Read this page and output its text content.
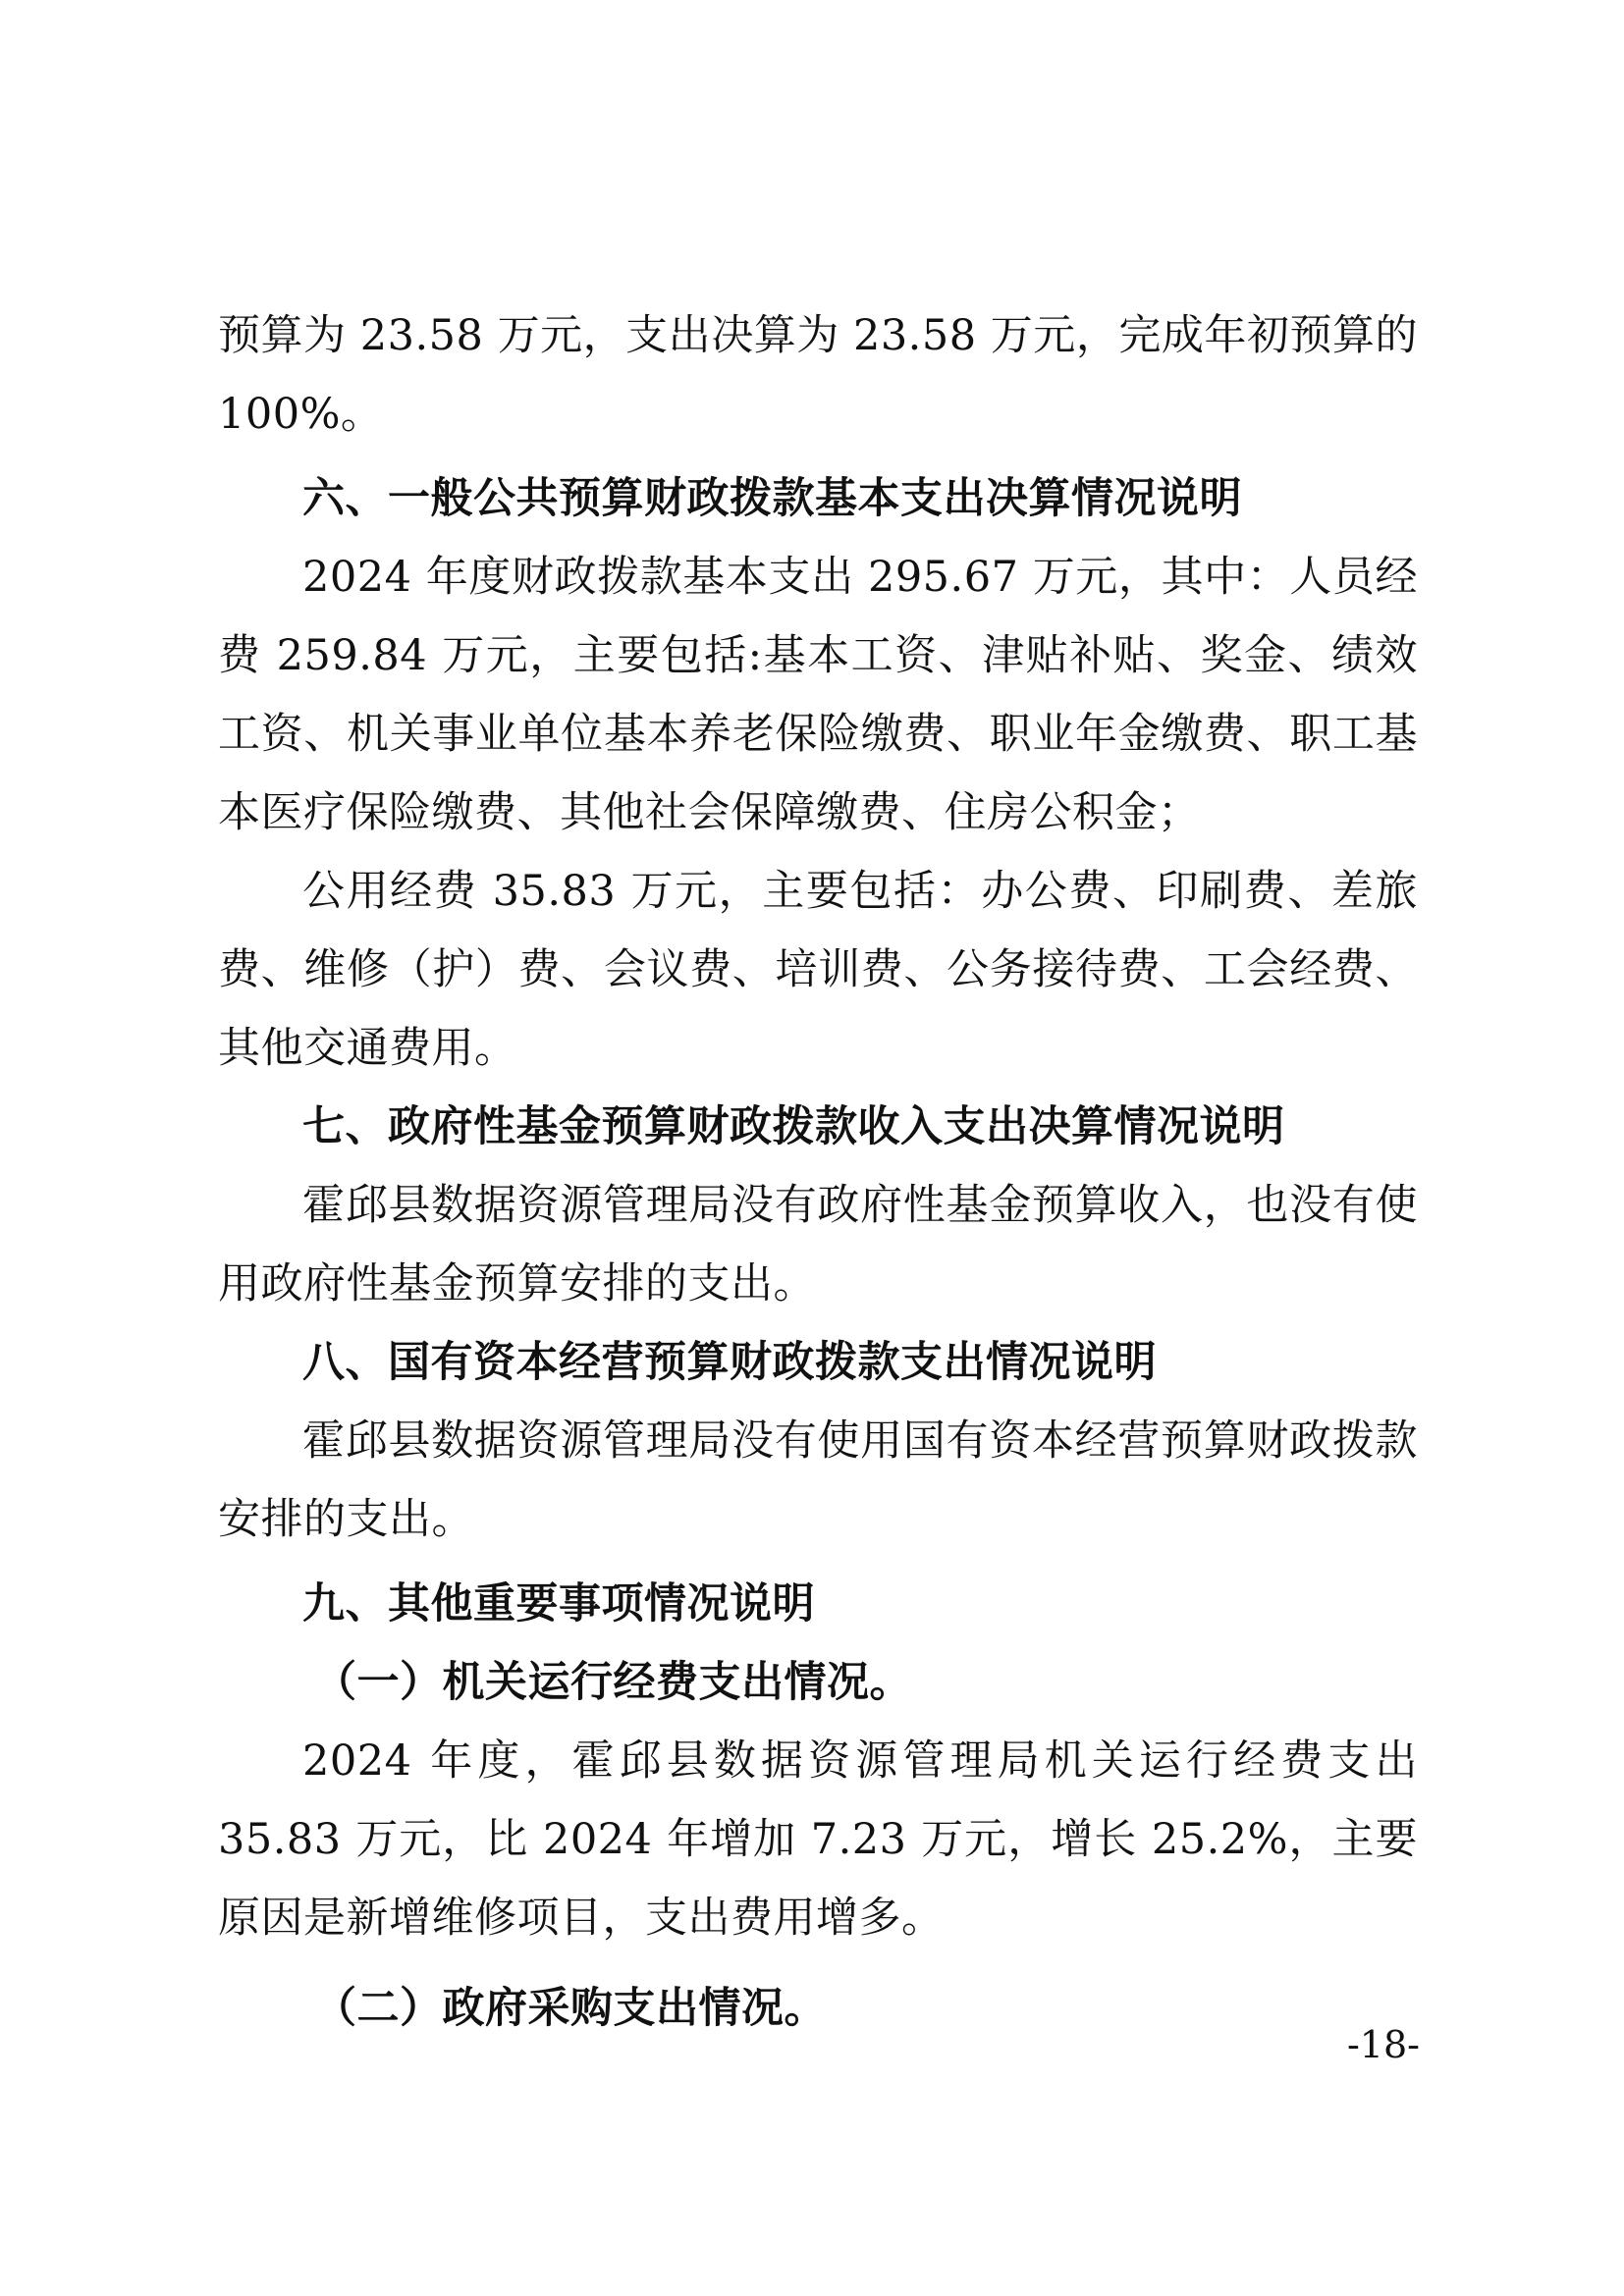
预算为 23.58 万元，支出决算为 23.58 万元，完成年初预算的 100%。

六、一般公共预算财政拨款基本支出决算情况说明

2024 年度财政拨款基本支出 295.67 万元，其中：人员经费 259.84 万元，主要包括:基本工资、津贴补贴、奖金、绩效工资、机关事业单位基本养老保险缴费、职业年金缴费、职工基本医疗保险缴费、其他社会保障缴费、住房公积金；

公用经费 35.83 万元，主要包括：办公费、印刷费、差旅费、维修（护）费、会议费、培训费、公务接待费、工会经费、其他交通费用。

七、政府性基金预算财政拨款收入支出决算情况说明

霍邱县数据资源管理局没有政府性基金预算收入，也没有使用政府性基金预算安排的支出。

八、国有资本经营预算财政拨款支出情况说明

霍邱县数据资源管理局没有使用国有资本经营预算财政拨款安排的支出。

九、其他重要事项情况说明

（一）机关运行经费支出情况。

2024 年度，霍邱县数据资源管理局机关运行经费支出 35.83 万元，比 2024 年增加 7.23 万元，增长 25.2%，主要原因是新增维修项目，支出费用增多。

（二）政府采购支出情况。

-18-
